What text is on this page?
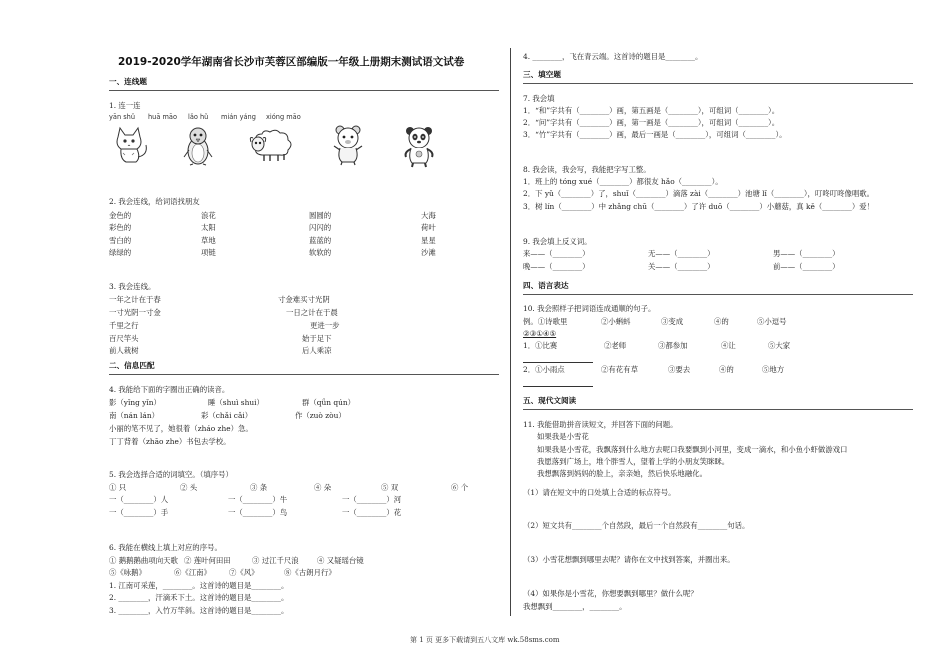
2019-2020学年湖南省长沙市芙蓉区部编版一年级上册期末测试语文试卷
一、连线题
1. 连一连
yān shǔ huā māo lǎo hǔ mián yáng xióng māo
2. 我会连线，给词语找朋友
金色的	浪花	圆圆的	大海
彩色的	太阳	闪闪的	荷叶
雪白的	草地	蓝蓝的	星星
绿绿的	项链	软软的	沙滩
3. 我会连线。
一年之计在于春
一寸光阴一寸金
千里之行
百尺竿头
前人栽树
寸金难买寸光阴
一日之计在于晨
更进一步
始于足下
后人乘凉
二、信息匹配
4. 我能给下面的字圈出正确的读音。
影（yǐng yǐn）	睡（shuì shui）	群（qǘn qún）
南（nán lán）	彩（chǎi cǎi）	作（zuò zòu）
小丽的笔不见了，她很着（zháo zhe）急。
丁丁背着（zhāo zhe）书包去学校。
5. 我会选择合适的词填空。（填序号）
① 只	② 头	③ 条	④ 朵	⑤ 双	⑥ 个
一（________）人	一（________）牛	一（________）河
一（________）手	一（________）鸟	一（________）花
6. 我能在横线上填上对应的序号。
① 鹅鹅鹅曲项向天歌 ② 莲叶何田田	③ 过江千尺浪 ④ 又疑瑶台镜
⑤《咏鹅》	⑥《江南》 ⑦《风》	⑧《古朗月行》
1. 江南可采莲，________。这首诗的题目是________。
2. ________，汗滴禾下土。这首诗的题目是________。
3. ________，入竹万竿斜。这首诗的题目是________。
4. ________，飞在青云端。这首诗的题目是________。
三、填空题
7. 我会填
1．“和”字共有（________）画，第五画是（________），可组词（________）。
2．“问”字共有（________）画，第一画是（________），可组词（________）。
3．“竹”字共有（________）画，最后一画是（________），可组词（________）。
8. 我会读，我会写，我能把字写工整。
1．班上的 tóng xué（________）都很友 hǎo（________）。
2．下 yǔ（________）了，shuǐ（________）滴落 zài（________）池塘 lǐ（________），叮咚叮咚像唱歌。
3．树 lín（________）中 zhǎng chū（________）了许 duō（________）小蘑菇，真 kě（________）爱！
9. 我会填上反义词。
来——（________）	无——（________）	男——（________）
晚——（________）	关——（________）	前——（________）
四、语言表达
10. 我会照样子把词语连成通顺的句子。
例。①诗歌里	②小蝌蚪	③变成	④的	⑤小逗号
②③①④⑤
1．①比赛	②老师	③都参加	④让	⑤大家
2．①小雨点	②有花有草	③要去	④的	⑤地方
五、现代文阅读
11. 我能借助拼音读短文，并回答下面的问题。
如果我是小雪花
如果我是小雪花，我飘落到什么地方去呢口我要飘到小河里，变成一滴水，和小鱼小虾做游戏口
我愿落到广场上，堆个胖雪人，望着上学的小朋友笑眯眯。
我想飘落到妈妈的脸上，亲亲她，然后快乐地融化。
（1）请在短文中的口处填上合适的标点符号。
（2）短文共有________个自然段，最后一个自然段有________句话。
（3）小雪花想飘到哪里去呢？请你在文中找到答案，并圈出来。
（4）如果你是小雪花，你想要飘到哪里？做什么呢？
我想飘到________，________。
第 1 页 更多下载请到五八文库 wk.58sms.com
